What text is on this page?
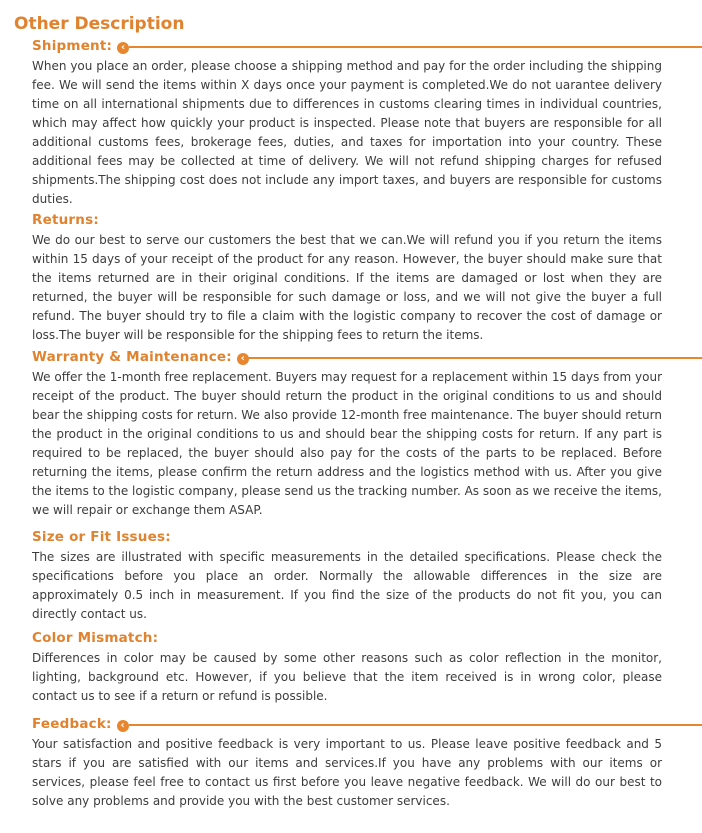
Other Description
Shipment: ‹

When you place an order, please choose a shipping method and pay for the order including the shipping fee. We will send the items within X days once your payment is completed.We do not uarantee delivery time on all international shipments due to differences in customs clearing times in individual countries, which may affect how quickly your product is inspected. Please note that buyers are responsible for all additional customs fees, brokerage fees, duties, and taxes for importation into your country. These additional fees may be collected at time of delivery. We will not refund shipping charges for refused shipments.The shipping cost does not include any import taxes, and buyers are responsible for customs duties.

Returns:

We do our best to serve our customers the best that we can.We will refund you if you return the items within 15 days of your receipt of the product for any reason. However, the buyer should make sure that the items returned are in their original conditions. If the items are damaged or lost when they are returned, the buyer will be responsible for such damage or loss, and we will not give the buyer a full refund. The buyer should try to file a claim with the logistic company to recover the cost of damage or loss.The buyer will be responsible for the shipping fees to return the items.

Warranty & Maintenance: ‹

We offer the 1-month free replacement. Buyers may request for a replacement within 15 days from your receipt of the product. The buyer should return the product in the original conditions to us and should bear the shipping costs for return. We also provide 12-month free maintenance. The buyer should return the product in the original conditions to us and should bear the shipping costs for return. If any part is required to be replaced, the buyer should also pay for the costs of the parts to be replaced. Before returning the items, please confirm the return address and the logistics method with us. After you give the items to the logistic company, please send us the tracking number. As soon as we receive the items, we will repair or exchange them ASAP.

Size or Fit Issues:

The sizes are illustrated with specific measurements in the detailed specifications. Please check the specifications before you place an order. Normally the allowable differences in the size are approximately 0.5 inch in measurement. If you find the size of the products do not fit you, you can directly contact us.

Color Mismatch:

Differences in color may be caused by some other reasons such as color reflection in the monitor, lighting, background etc. However, if you believe that the item received is in wrong color, please contact us to see if a return or refund is possible.

Feedback: ‹

Your satisfaction and positive feedback is very important to us. Please leave positive feedback and 5 stars if you are satisfied with our items and services.If you have any problems with our items or services, please feel free to contact us first before you leave negative feedback. We will do our best to solve any problems and provide you with the best customer services.
